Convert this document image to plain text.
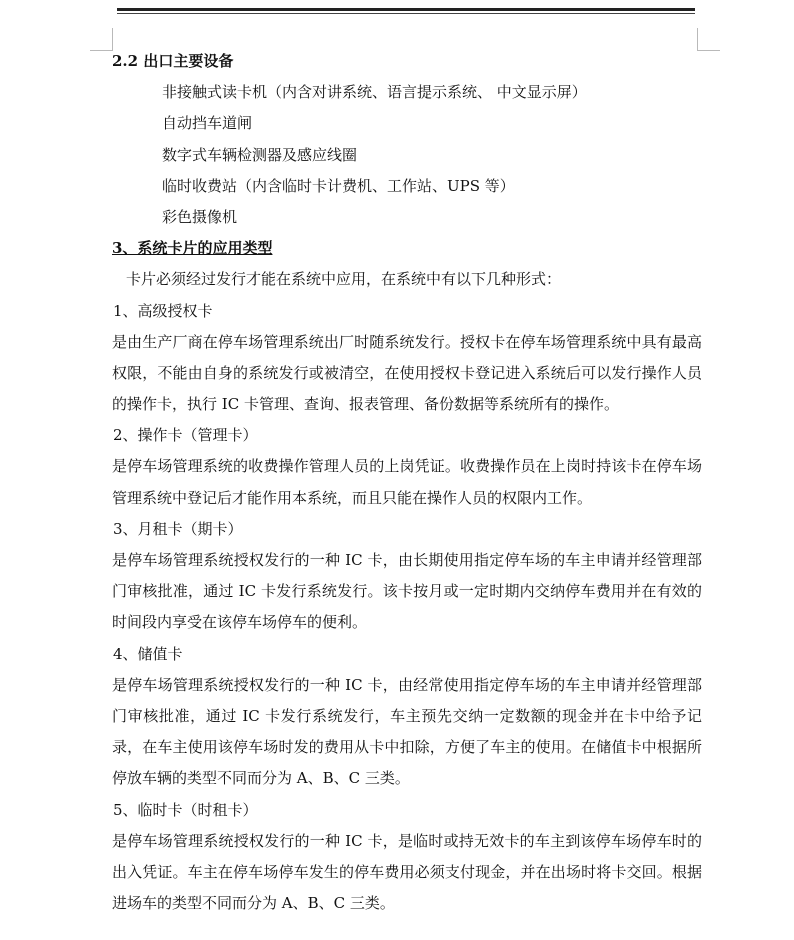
2.2 出口主要设备
非接触式读卡机（内含对讲系统、语言提示系统、 中文显示屏）
自动挡车道闸
数字式车辆检测器及感应线圈
临时收费站（内含临时卡计费机、工作站、UPS 等）
彩色摄像机
3、系统卡片的应用类型
卡片必须经过发行才能在系统中应用，在系统中有以下几种形式：
1、高级授权卡
是由生产厂商在停车场管理系统出厂时随系统发行。授权卡在停车场管理系统中具有最高权限，不能由自身的系统发行或被清空，在使用授权卡登记进入系统后可以发行操作人员的操作卡，执行 IC 卡管理、查询、报表管理、备份数据等系统所有的操作。
2、操作卡（管理卡）
是停车场管理系统的收费操作管理人员的上岗凭证。收费操作员在上岗时持该卡在停车场管理系统中登记后才能作用本系统，而且只能在操作人员的权限内工作。
3、月租卡（期卡）
是停车场管理系统授权发行的一种 IC 卡，由长期使用指定停车场的车主申请并经管理部门审核批准，通过 IC 卡发行系统发行。该卡按月或一定时期内交纳停车费用并在有效的时间段内享受在该停车场停车的便利。
4、储值卡
是停车场管理系统授权发行的一种 IC 卡，由经常使用指定停车场的车主申请并经管理部门审核批准，通过 IC 卡发行系统发行，车主预先交纳一定数额的现金并在卡中给予记录，在车主使用该停车场时发的费用从卡中扣除，方便了车主的使用。在储值卡中根据所停放车辆的类型不同而分为 A、B、C 三类。
5、临时卡（时租卡）
是停车场管理系统授权发行的一种 IC 卡，是临时或持无效卡的车主到该停车场停车时的出入凭证。车主在停车场停车发生的停车费用必须支付现金，并在出场时将卡交回。根据进场车的类型不同而分为 A、B、C 三类。
